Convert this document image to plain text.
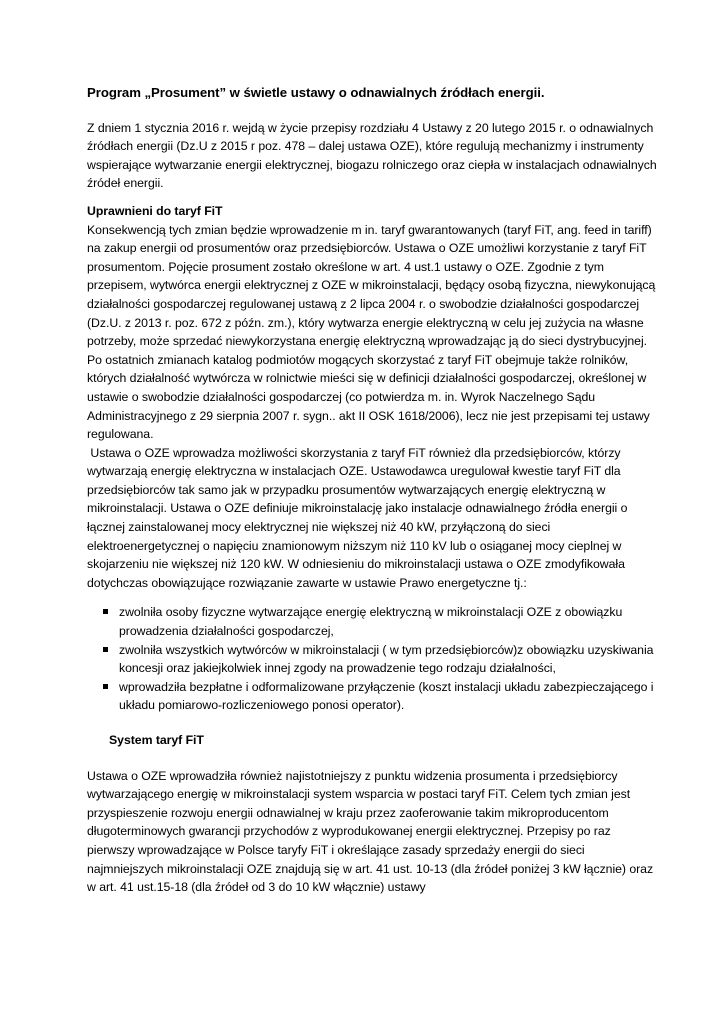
Program „Prosument” w świetle ustawy o odnawialnych źródłach energii.

Z dniem 1 stycznia 2016 r. wejdą w życie przepisy rozdziału 4 Ustawy z 20 lutego 2015 r. o odnawialnych źródłach energii (Dz.U z 2015 r poz. 478 – dalej ustawa OZE), które regulują mechanizmy i instrumenty wspierające wytwarzanie energii elektrycznej, biogazu rolniczego oraz ciepła w instalacjach odnawialnych źródeł energii.

Uprawnieni do taryf FiT

Konsekwencją tych zmian będzie wprowadzenie m in. taryf gwarantowanych (taryf FiT, ang. feed in tariff) na zakup energii od prosumentów oraz przedsiębiorców. Ustawa o OZE umożliwi korzystanie z taryf FiT prosumentom. Pojęcie prosument zostało określone w art. 4 ust.1 ustawy o OZE. Zgodnie z tym przepisem, wytwórca energii elektrycznej z OZE w mikroinstalacji, będący osobą fizyczna, niewykonującą działalności gospodarczej regulowanej ustawą z 2 lipca 2004 r. o swobodzie działalności gospodarczej (Dz.U. z 2013 r. poz. 672 z późn. zm.), który wytwarza energie elektryczną w celu jej zużycia na własne potrzeby, może sprzedać niewykorzystana energię elektryczną wprowadzając ją do sieci dystrybucyjnej.

Po ostatnich zmianach katalog podmiotów mogących skorzystać z taryf FiT obejmuje także rolników, których działalność wytwórcza w rolnictwie mieści się w definicji działalności gospodarczej, określonej w ustawie o swobodzie działalności gospodarczej (co potwierdza m. in. Wyrok Naczelnego Sądu Administracyjnego z 29 sierpnia 2007 r. sygn.. akt II OSK 1618/2006), lecz nie jest przepisami tej ustawy regulowana.

Ustawa o OZE wprowadza możliwości skorzystania z taryf FiT również dla przedsiębiorców, którzy wytwarzają energię elektryczna w instalacjach OZE. Ustawodawca uregulował kwestie taryf FiT dla przedsiębiorców tak samo jak w przypadku prosumentów wytwarzających energię elektryczną w mikroinstalacji. Ustawa o OZE definiuje mikroinstalację jako instalacje odnawialnego źródła energii o łącznej zainstalowanej mocy elektrycznej nie większej niż 40 kW, przyłączoną do sieci elektroenergetycznej o napięciu znamionowym niższym niż 110 kV lub o osiąganej mocy cieplnej w skojarzeniu nie większej niż 120 kW. W odniesieniu do mikroinstalacji ustawa o OZE zmodyfikowała dotychczas obowiązujące rozwiązanie zawarte w ustawie Prawo energetyczne tj.:

zwolniła osoby fizyczne wytwarzające energię elektryczną w mikroinstalacji OZE z obowiązku prowadzenia działalności gospodarczej,
zwolniła wszystkich wytwórców w mikroinstalacji ( w tym przedsiębiorców)z obowiązku uzyskiwania koncesji oraz jakiejkolwiek innej zgody na prowadzenie tego rodzaju działalności,
wprowadziła bezpłatne i odformalizowane przyłączenie (koszt instalacji układu zabezpieczającego i układu pomiarowo-rozliczeniowego ponosi operator).

System taryf FiT

Ustawa o OZE wprowadziła również najistotniejszy z punktu widzenia prosumenta i przedsiębiorcy wytwarzającego energię w mikroinstalacji system wsparcia w postaci taryf FiT. Celem tych zmian jest przyspieszenie rozwoju energii odnawialnej w kraju przez zaoferowanie takim mikroproducentom długoterminowych gwarancji przychodów z wyprodukowanej energii elektrycznej. Przepisy po raz pierwszy wprowadzające w Polsce taryfy FiT i określające zasady sprzedaży energii do sieci najmniejszych mikroinstalacji OZE znajdują się w art. 41 ust. 10-13 (dla źródeł poniżej 3 kW łącznie) oraz w art. 41 ust.15-18 (dla źródeł od 3 do 10 kW włącznie) ustawy
